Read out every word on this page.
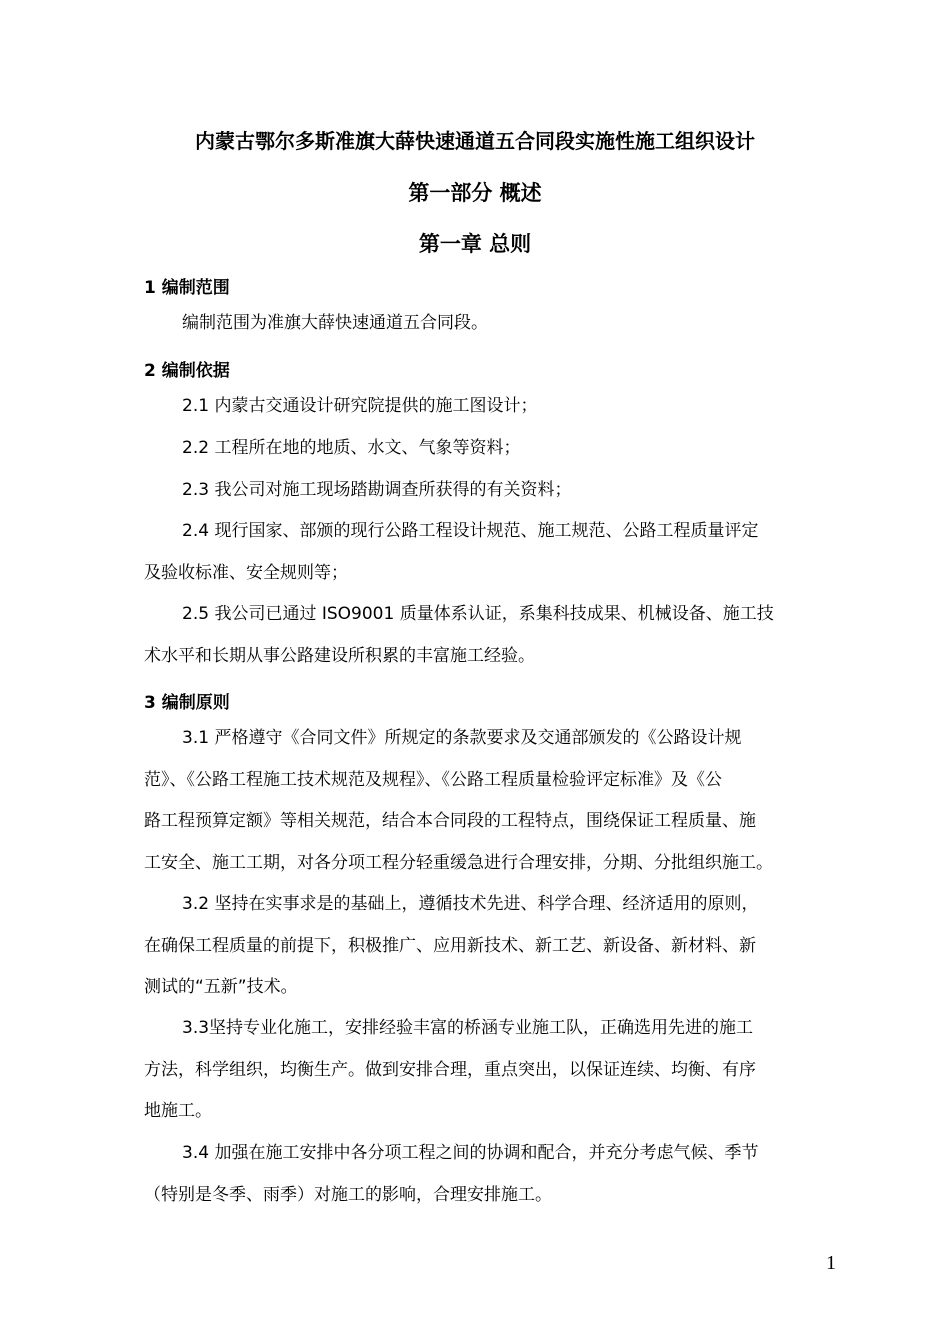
内蒙古鄂尔多斯准旗大薛快速通道五合同段实施性施工组织设计
第一部分 概述
第一章 总则
1 编制范围
编制范围为准旗大薛快速通道五合同段。
2 编制依据
2.1 内蒙古交通设计研究院提供的施工图设计；
2.2 工程所在地的地质、水文、气象等资料；
2.3 我公司对施工现场踏勘调查所获得的有关资料；
2.4 现行国家、部颁的现行公路工程设计规范、施工规范、公路工程质量评定
及验收标准、安全规则等；
2.5 我公司已通过 ISO9001 质量体系认证，系集科技成果、机械设备、施工技
术水平和长期从事公路建设所积累的丰富施工经验。
3 编制原则
3.1 严格遵守《合同文件》所规定的条款要求及交通部颁发的《公路设计规
范》、《公路工程施工技术规范及规程》、《公路工程质量检验评定标准》及《公
路工程预算定额》等相关规范，结合本合同段的工程特点，围绕保证工程质量、施
工安全、施工工期，对各分项工程分轻重缓急进行合理安排，分期、分批组织施工。
3.2 坚持在实事求是的基础上，遵循技术先进、科学合理、经济适用的原则，
在确保工程质量的前提下，积极推广、应用新技术、新工艺、新设备、新材料、新
测试的“五新”技术。
3.3坚持专业化施工，安排经验丰富的桥涵专业施工队，正确选用先进的施工
方法，科学组织，均衡生产。做到安排合理，重点突出，以保证连续、均衡、有序
地施工。
3.4 加强在施工安排中各分项工程之间的协调和配合，并充分考虑气候、季节
（特别是冬季、雨季）对施工的影响，合理安排施工。
1
